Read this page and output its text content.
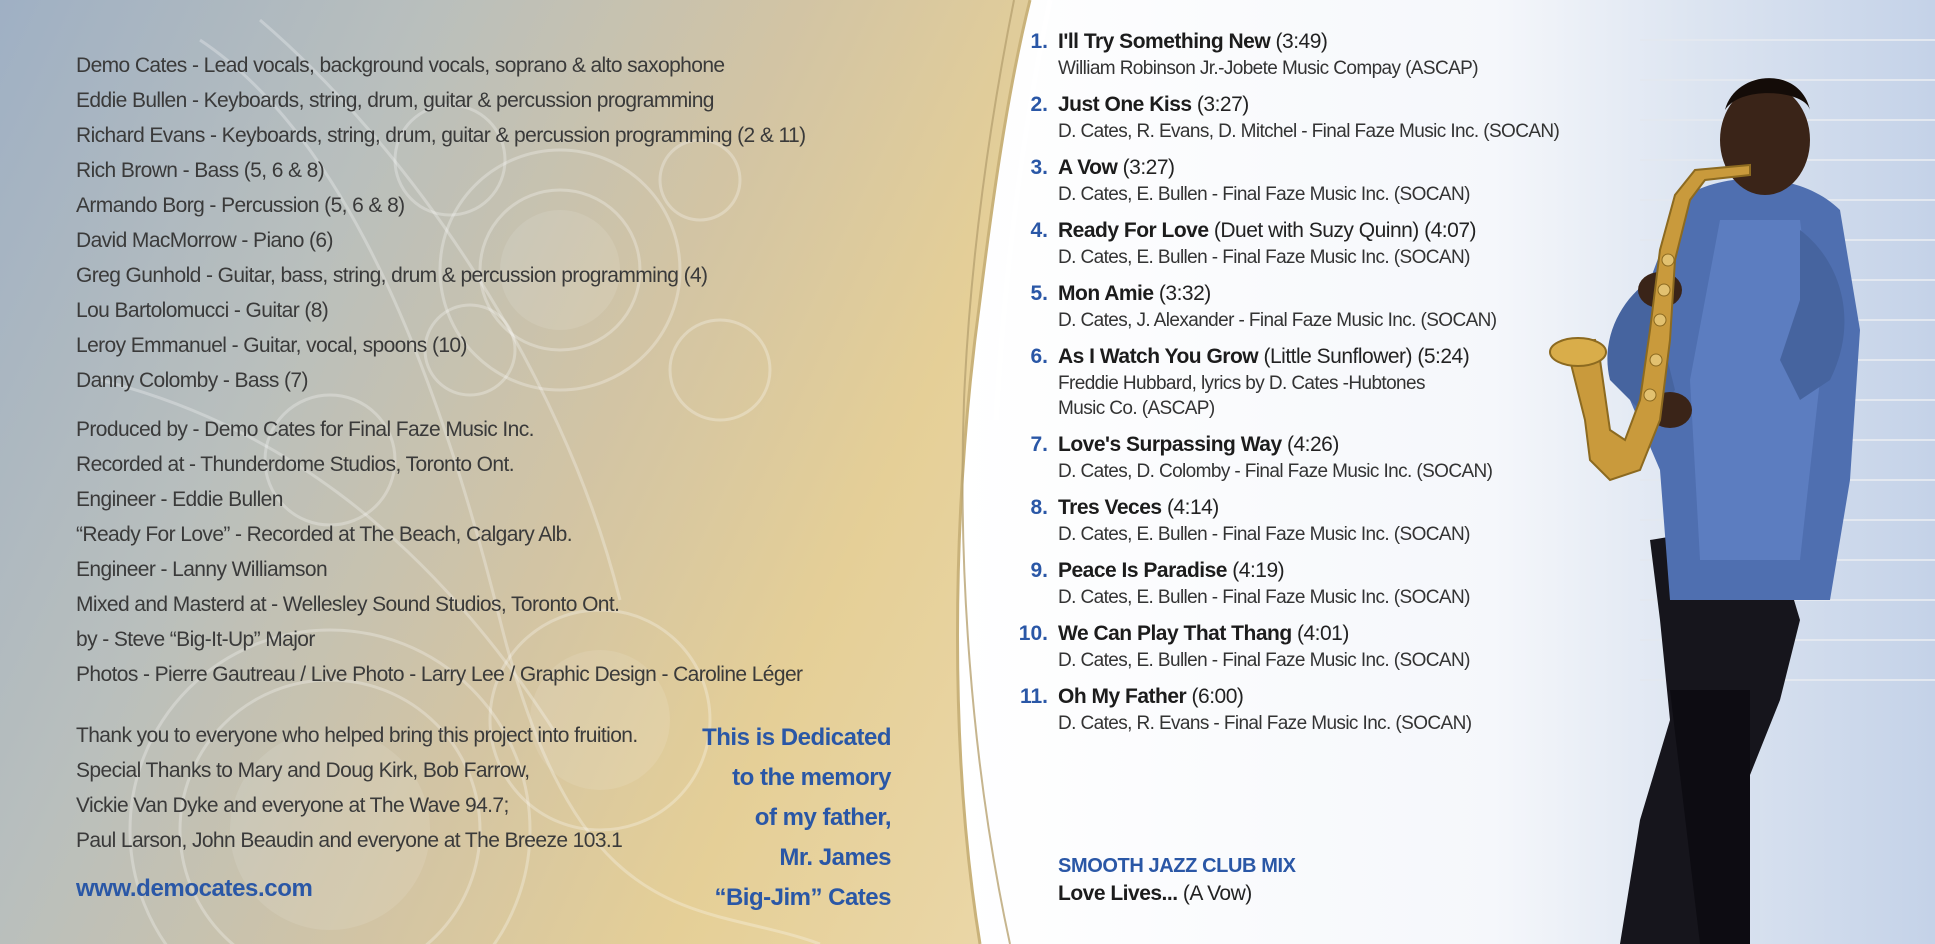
Demo Cates - Lead vocals, background vocals, soprano & alto saxophone
Eddie Bullen - Keyboards, string, drum, guitar & percussion programming
Richard Evans - Keyboards, string, drum, guitar & percussion programming (2 & 11)
Rich Brown - Bass (5, 6 & 8)
Armando Borg - Percussion (5, 6 & 8)
David MacMorrow - Piano (6)
Greg Gunhold - Guitar, bass, string, drum & percussion programming (4)
Lou Bartolomucci - Guitar (8)
Leroy Emmanuel - Guitar, vocal, spoons (10)
Danny Colomby - Bass (7)
Produced by - Demo Cates for Final Faze Music Inc.
Recorded at - Thunderdome Studios, Toronto Ont.
Engineer - Eddie Bullen
“Ready For Love” - Recorded at The Beach, Calgary Alb.
Engineer - Lanny Williamson
Mixed and Masterd at - Wellesley Sound Studios, Toronto Ont.
by - Steve “Big-It-Up” Major
Photos - Pierre Gautreau / Live Photo - Larry Lee / Graphic Design - Caroline Léger
Thank you to everyone who helped bring this project into fruition.
Special Thanks to Mary and Doug Kirk, Bob Farrow,
Vickie Van Dyke and everyone at The Wave 94.7;
Paul Larson, John Beaudin and everyone at The Breeze 103.1
www.democates.com
This is Dedicated
to the memory
of my father,
Mr. James
“Big-Jim” Cates
1. I'll Try Something New (3:49)
William Robinson Jr.-Jobete Music Compay (ASCAP)
2. Just One Kiss (3:27)
D. Cates, R. Evans, D. Mitchel - Final Faze Music Inc. (SOCAN)
3. A Vow (3:27)
D. Cates, E. Bullen - Final Faze Music Inc. (SOCAN)
4. Ready For Love (Duet with Suzy Quinn) (4:07)
D. Cates, E. Bullen - Final Faze Music Inc. (SOCAN)
5. Mon Amie (3:32)
D. Cates, J. Alexander - Final Faze Music Inc. (SOCAN)
6. As I Watch You Grow (Little Sunflower) (5:24)
Freddie Hubbard, lyrics by D. Cates -Hubtones
Music Co. (ASCAP)
7. Love's Surpassing Way (4:26)
D. Cates, D. Colomby - Final Faze Music Inc. (SOCAN)
8. Tres Veces (4:14)
D. Cates, E. Bullen - Final Faze Music Inc. (SOCAN)
9. Peace Is Paradise (4:19)
D. Cates, E. Bullen - Final Faze Music Inc. (SOCAN)
10. We Can Play That Thang (4:01)
D. Cates, E. Bullen - Final Faze Music Inc. (SOCAN)
11. Oh My Father (6:00)
D. Cates, R. Evans - Final Faze Music Inc. (SOCAN)
SMOOTH JAZZ CLUB MIX
Love Lives... (A Vow)
